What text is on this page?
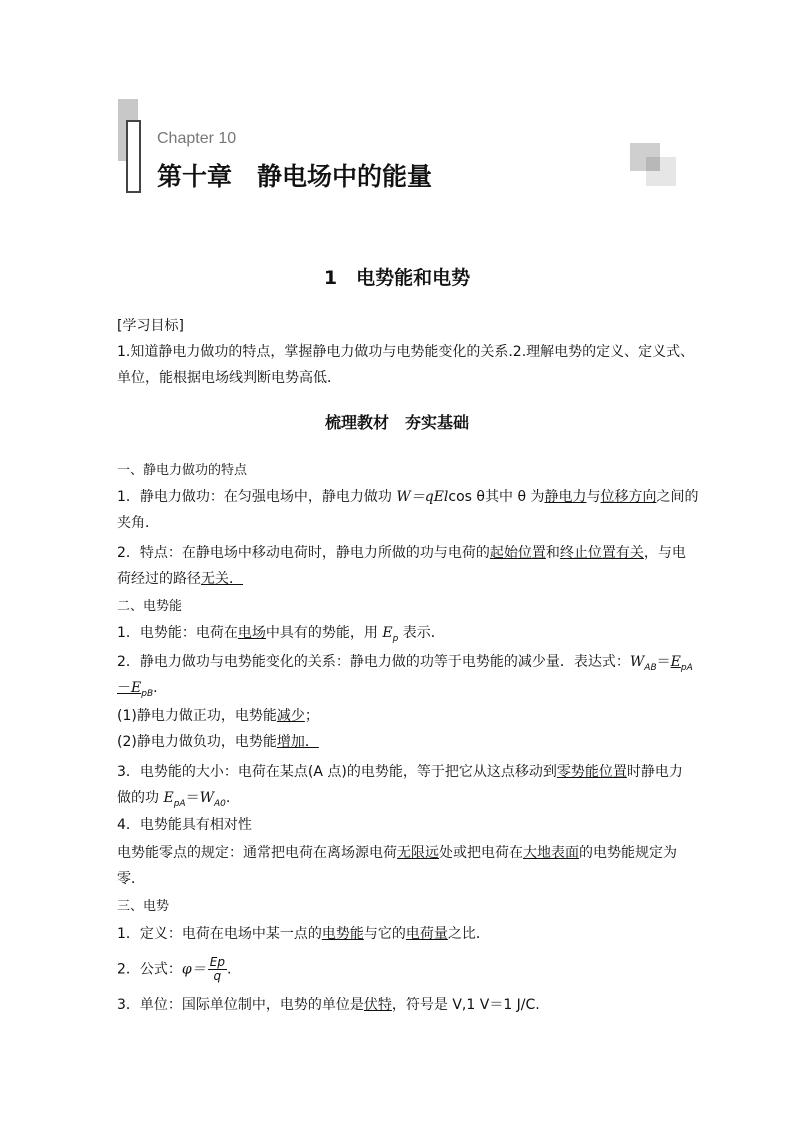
Chapter 10
第十章　静电场中的能量
1　电势能和电势
[学习目标]
1.知道静电力做功的特点，掌握静电力做功与电势能变化的关系.2.理解电势的定义、定义式、
单位，能根据电场线判断电势高低．
梳理教材　夯实基础
一、静电力做功的特点
1．静电力做功：在匀强电场中，静电力做功 W＝qElcos θ其中 θ 为静电力与位移方向之间的
夹角．
2．特点：在静电场中移动电荷时，静电力所做的功与电荷的起始位置和终止位置有关，与电
荷经过的路径无关．
二、电势能
1．电势能：电荷在电场中具有的势能，用 $E_p$ 表示．
2．静电力做功与电势能变化的关系：静电力做的功等于电势能的减少量．表达式：$W_{AB}=E_{pA}$
$-E_{pB}$.
(1)静电力做正功，电势能减少；
(2)静电力做负功，电势能增加．
3．电势能的大小：电荷在某点(A 点)的电势能，等于把它从这点移动到零势能位置时静电力
做的功 $E_{pA}=W_{A0}$.
4．电势能具有相对性
电势能零点的规定：通常把电荷在离场源电荷无限远处或把电荷在大地表面的电势能规定为
零．
三、电势
1．定义：电荷在电场中某一点的电势能与它的电荷量之比．
2．公式：$\varphi= \frac{Ep}{q}$ .
3．单位：国际单位制中，电势的单位是伏特，符号是 V,1 V＝1 J/C.
